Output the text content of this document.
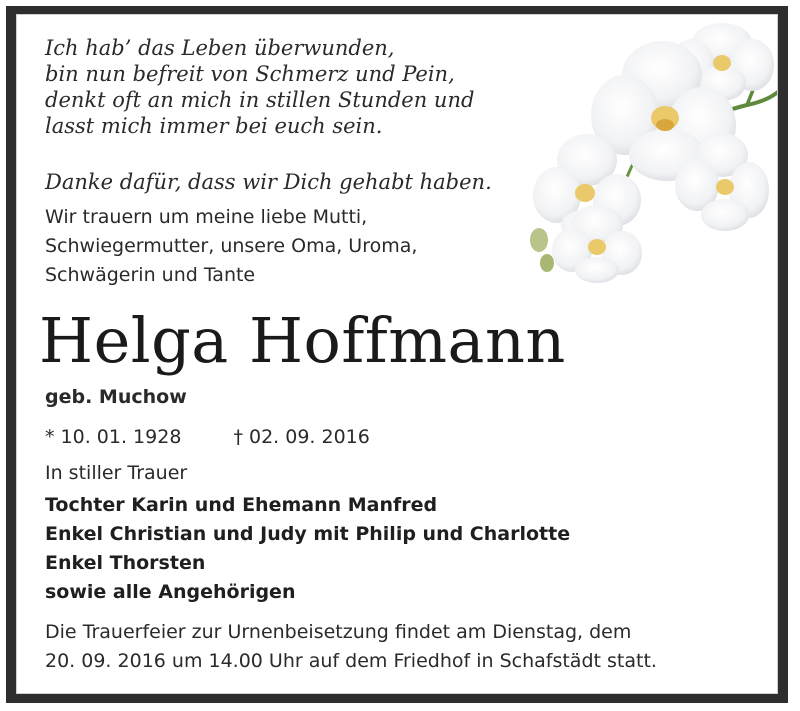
Ich hab’ das Leben überwunden,
bin nun befreit von Schmerz und Pein,
denkt oft an mich in stillen Stunden und
lasst mich immer bei euch sein.
Danke dafür, dass wir Dich gehabt haben.
Wir trauern um meine liebe Mutti,
Schwiegermutter, unsere Oma, Uroma,
Schwägerin und Tante
Helga Hoffmann
geb. Muchow
* 10. 01. 1928	† 02. 09. 2016
In stiller Trauer
Tochter Karin und Ehemann Manfred
Enkel Christian und Judy mit Philip und Charlotte
Enkel Thorsten
sowie alle Angehörigen
Die Trauerfeier zur Urnenbeisetzung findet am Dienstag, dem
20. 09. 2016 um 14.00 Uhr auf dem Friedhof in Schafstädt statt.
